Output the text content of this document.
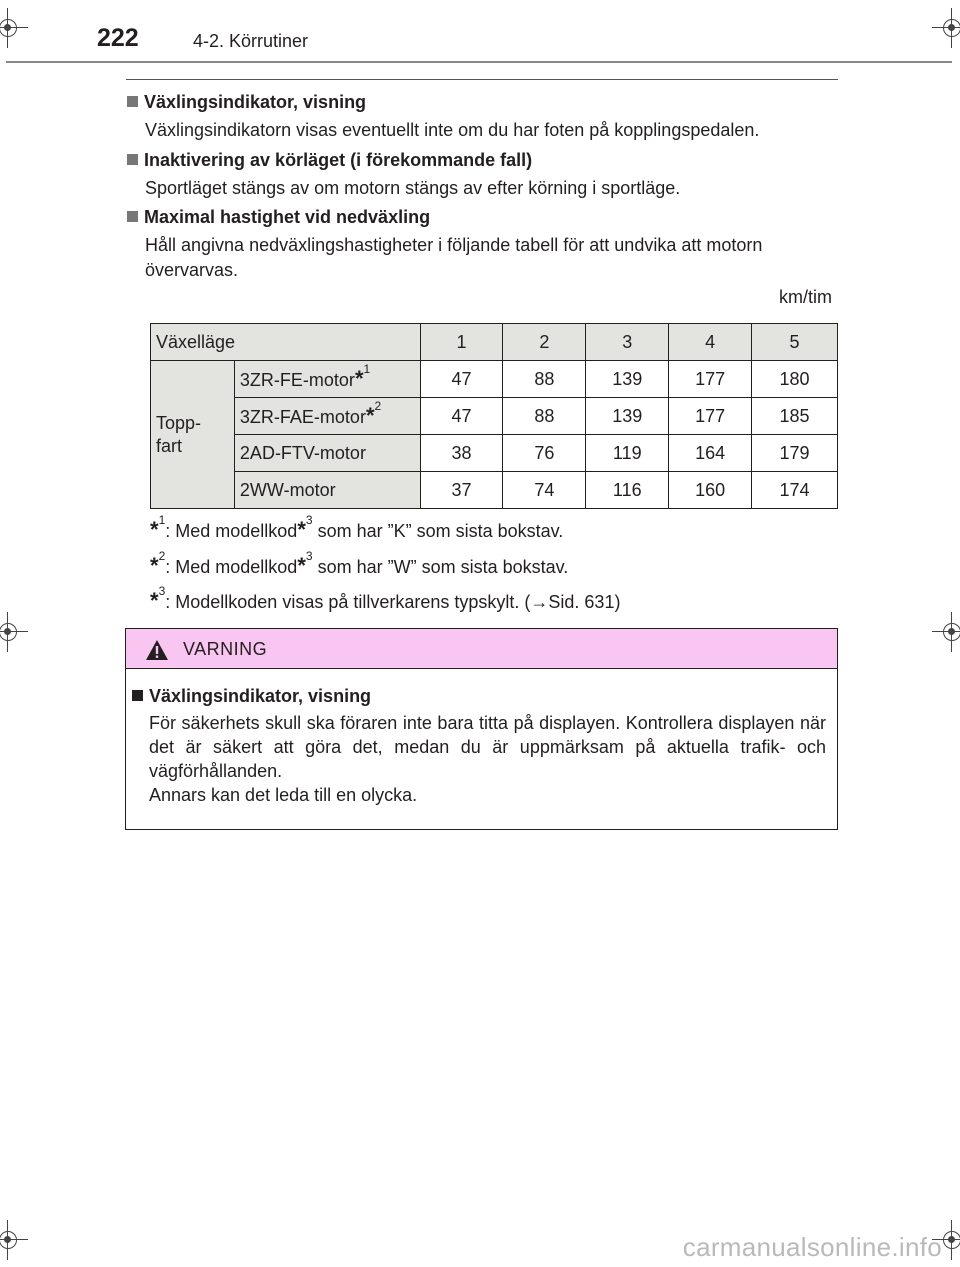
222	4-2. Körrutiner
Växlingsindikator, visning
Växlingsindikatorn visas eventuellt inte om du har foten på kopplingspedalen.
Inaktivering av körläget (i förekommande fall)
Sportläget stängs av om motorn stängs av efter körning i sportläge.
Maximal hastighet vid nedväxling
Håll angivna nedväxlingshastigheter i följande tabell för att undvika att motorn övervarvas.
km/tim
Växelläge		1	2	3	4	5
Topp-
fart	3ZR-FE-motor*$^1$	47	88	139	177	180
	3ZR-FAE-motor*$^2$	47	88	139	177	185
	2AD-FTV-motor	38	76	119	164	179
	2WW-motor	37	74	116	160	174
*$^1$: Med modellkod*$^3$ som har ”K” som sista bokstav.
*$^2$: Med modellkod*$^3$ som har ”W” som sista bokstav.
*$^3$: Modellkoden visas på tillverkarens typskylt. (→Sid. 631)
VARNING
Växlingsindikator, visning
För säkerhets skull ska föraren inte bara titta på displayen. Kontrollera displayen när det är säkert att göra det, medan du är uppmärksam på aktuella trafik- och vägförhållanden.
Annars kan det leda till en olycka.
carmanualsonline.info
